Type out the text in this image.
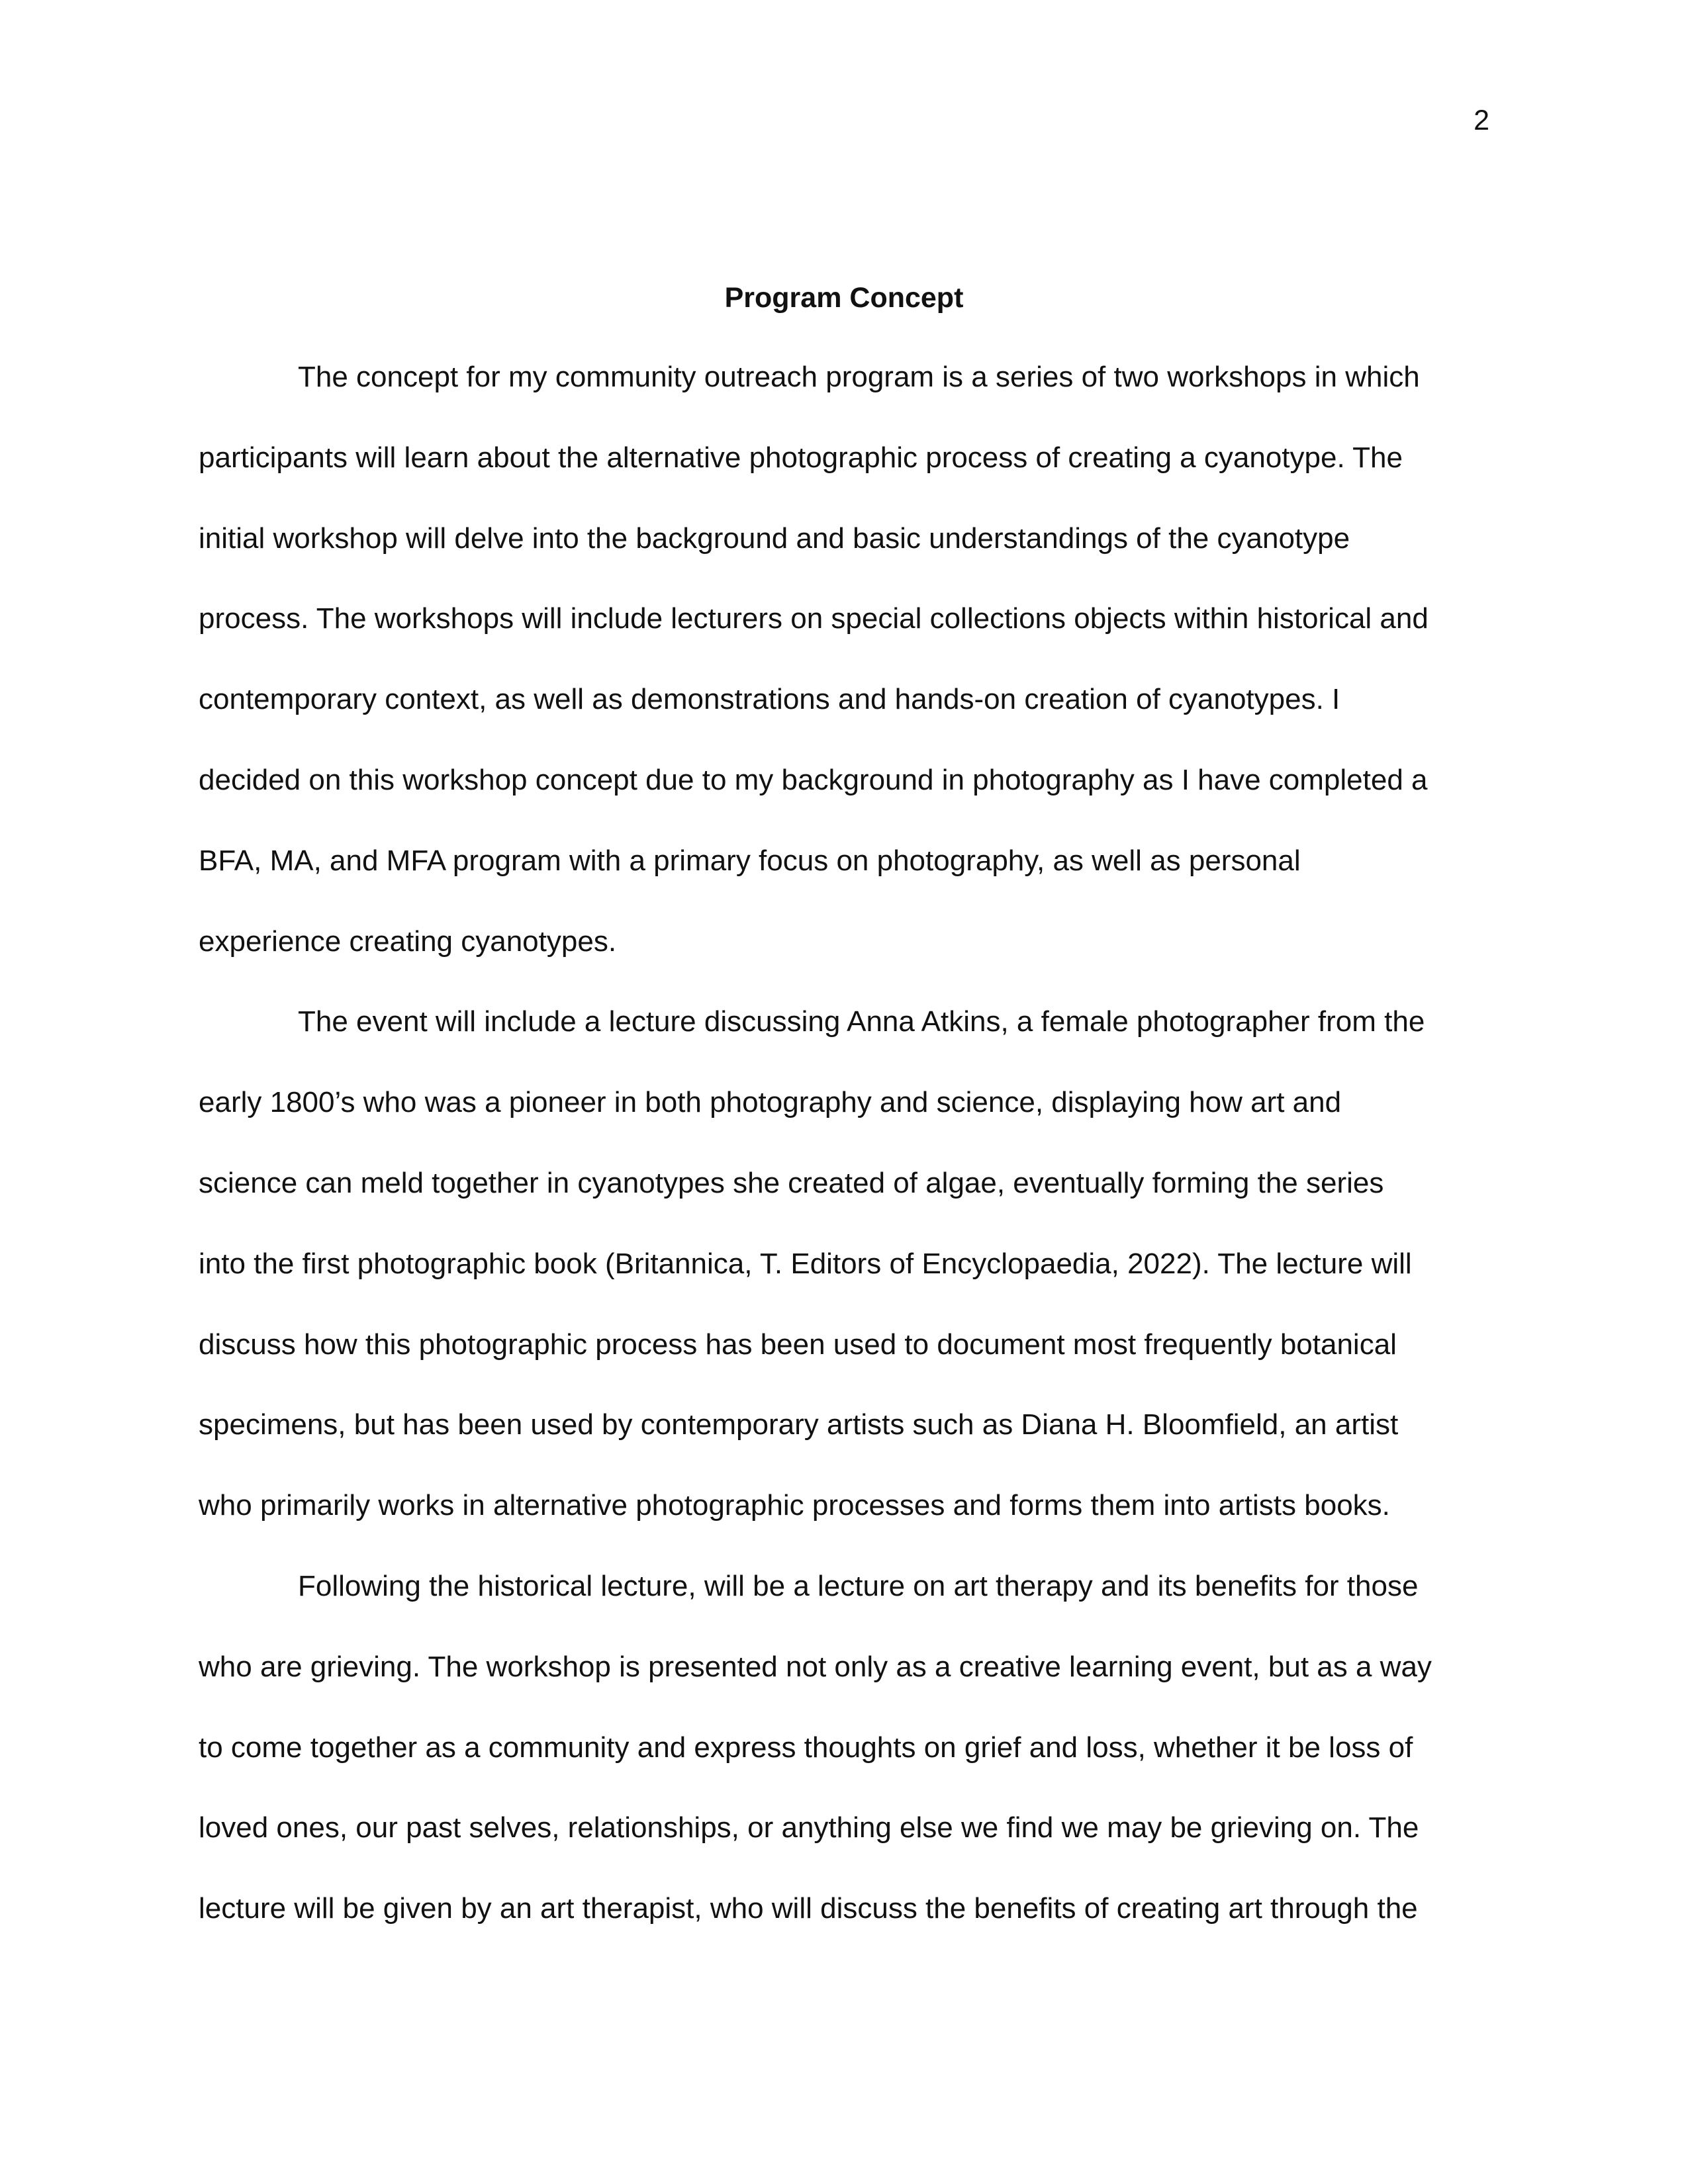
2
Program Concept
The concept for my community outreach program is a series of two workshops in which
participants will learn about the alternative photographic process of creating a cyanotype. The
initial workshop will delve into the background and basic understandings of the cyanotype
process. The workshops will include lecturers on special collections objects within historical and
contemporary context, as well as demonstrations and hands-on creation of cyanotypes. I
decided on this workshop concept due to my background in photography as I have completed a
BFA, MA, and MFA program with a primary focus on photography, as well as personal
experience creating cyanotypes.
The event will include a lecture discussing Anna Atkins, a female photographer from the
early 1800’s who was a pioneer in both photography and science, displaying how art and
science can meld together in cyanotypes she created of algae, eventually forming the series
into the first photographic book (Britannica, T. Editors of Encyclopaedia, 2022). The lecture will
discuss how this photographic process has been used to document most frequently botanical
specimens, but has been used by contemporary artists such as Diana H. Bloomfield, an artist
who primarily works in alternative photographic processes and forms them into artists books.
Following the historical lecture, will be a lecture on art therapy and its benefits for those
who are grieving. The workshop is presented not only as a creative learning event, but as a way
to come together as a community and express thoughts on grief and loss, whether it be loss of
loved ones, our past selves, relationships, or anything else we find we may be grieving on. The
lecture will be given by an art therapist, who will discuss the benefits of creating art through the
